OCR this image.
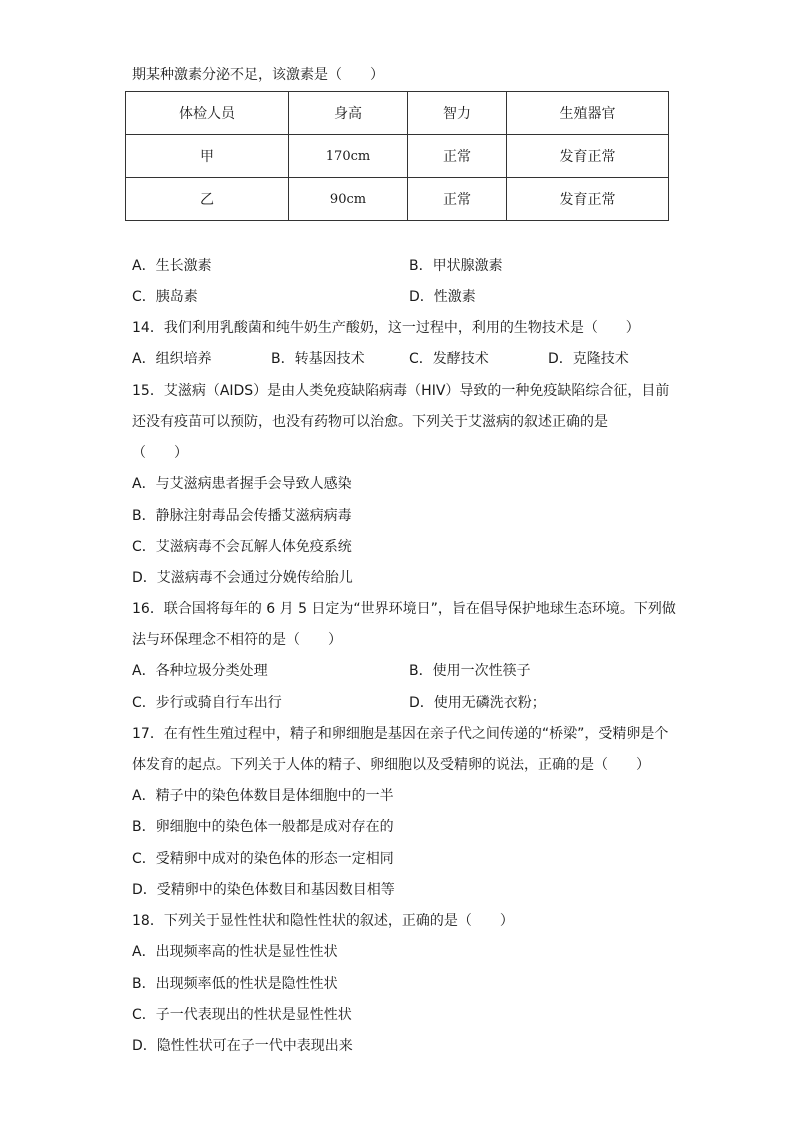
期某种激素分泌不足，该激素是（　　）
体检人员	身高	智力	生殖器官
甲	170cm	正常	发育正常
乙	90cm	正常	发育正常
A．生长激素	B．甲状腺激素
C．胰岛素	D．性激素
14．我们利用乳酸菌和纯牛奶生产酸奶，这一过程中，利用的生物技术是（　　）
A．组织培养	B．转基因技术	C．发酵技术	D．克隆技术
15．艾滋病（AIDS）是由人类免疫缺陷病毒（HIV）导致的一种免疫缺陷综合征，目前
还没有疫苗可以预防，也没有药物可以治愈。下列关于艾滋病的叙述正确的是
（　　）
A．与艾滋病患者握手会导致人感染
B．静脉注射毒品会传播艾滋病病毒
C．艾滋病毒不会瓦解人体免疫系统
D．艾滋病毒不会通过分娩传给胎儿
16．联合国将每年的 6 月 5 日定为“世界环境日”，旨在倡导保护地球生态环境。下列做
法与环保理念不相符的是（　　）
A．各种垃圾分类处理	B．使用一次性筷子
C．步行或骑自行车出行	D．使用无磷洗衣粉；
17．在有性生殖过程中，精子和卵细胞是基因在亲子代之间传递的“桥梁”，受精卵是个
体发育的起点。下列关于人体的精子、卵细胞以及受精卵的说法，正确的是（　　）
A．精子中的染色体数目是体细胞中的一半
B．卵细胞中的染色体一般都是成对存在的
C．受精卵中成对的染色体的形态一定相同
D．受精卵中的染色体数目和基因数目相等
18．下列关于显性性状和隐性性状的叙述，正确的是（　　）
A．出现频率高的性状是显性性状
B．出现频率低的性状是隐性性状
C．子一代表现出的性状是显性性状
D．隐性性状可在子一代中表现出来
